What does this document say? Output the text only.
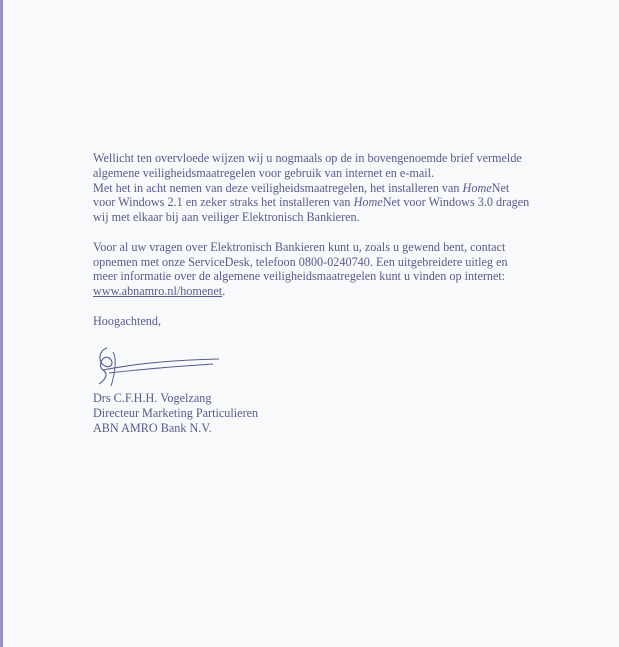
Wellicht ten overvloede wijzen wij u nogmaals op de in bovengenoemde brief vermelde
algemene veiligheidsmaatregelen voor gebruik van internet en e-mail.
Met het in acht nemen van deze veiligheidsmaatregelen, het installeren van HomeNet
voor Windows 2.1 en zeker straks het installeren van HomeNet voor Windows 3.0 dragen
wij met elkaar bij aan veiliger Elektronisch Bankieren.

Voor al uw vragen over Elektronisch Bankieren kunt u, zoals u gewend bent, contact
opnemen met onze ServiceDesk, telefoon 0800-0240740. Een uitgebreidere uitleg en
meer informatie over de algemene veiligheidsmaatregelen kunt u vinden op internet:
www.abnamro.nl/homenet.

Hoogachtend,

Drs C.F.H.H. Vogelzang
Directeur Marketing Particulieren
ABN AMRO Bank N.V.
